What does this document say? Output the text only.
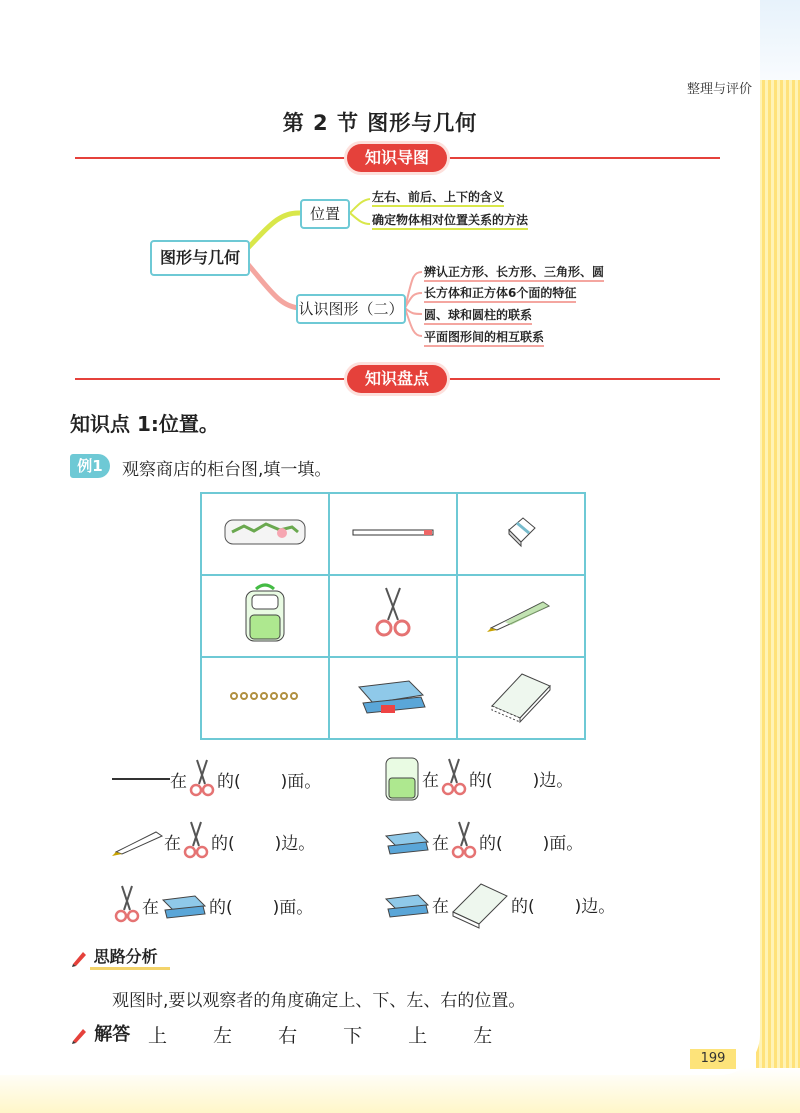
整理与评价
第 2 节 图形与几何
知识导图
图形与几何
位置
认识图形（二）
左右、前后、上下的含义
确定物体相对位置关系的方法
辨认正方形、长方形、三角形、圆
长方体和正方体6个面的特征
圆、球和圆柱的联系
平面图形间的相互联系
知识盘点
知识点 1:位置。
例1	观察商店的柜台图,填一填。

在 的()面。	在 的()边。
在 的()边。	在 的()面。
在	的()面。	在	的()边。
思路分析
观图时,要以观察者的角度确定上、下、左、右的位置。
解答 上 左 右 下 上 左
199
